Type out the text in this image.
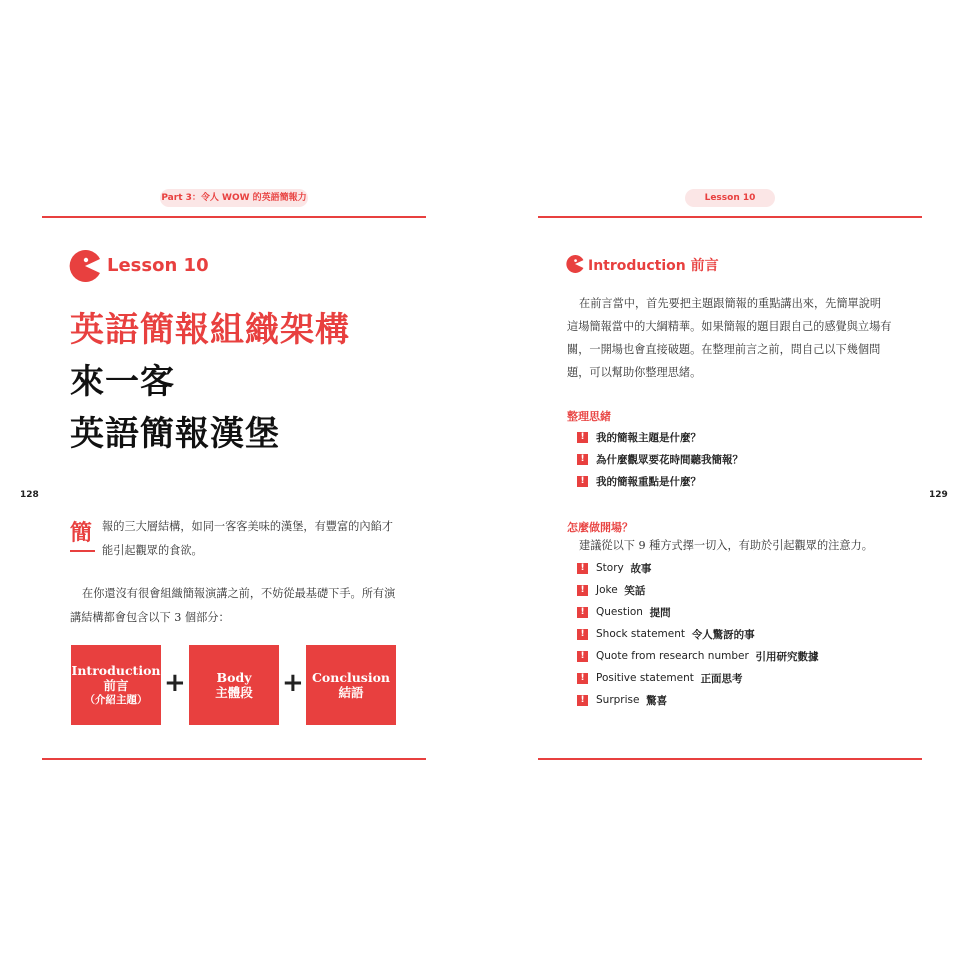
Part 3：令人 WOW 的英語簡報力
Lesson 10
英語簡報組織架構
來一客
英語簡報漢堡
128
簡 報的三大層結構，如同一客客美味的漢堡，有豐富的內餡才
能引起觀眾的食欲。
在你還沒有很會組織簡報演講之前，不妨從最基礎下手。所有演
講結構都會包含以下 3 個部分：
Introduction
前言
（介紹主題）
+ Body
主體段 + Conclusion
結語
Lesson 10
Introduction 前言
在前言當中，首先要把主題跟簡報的重點講出來，先簡單說明
這場簡報當中的大綱精華。如果簡報的題目跟自己的感覺與立場有
關，一開場也會直接破題。在整理前言之前，問自己以下幾個問
題，可以幫助你整理思緒。
整理思緒
!	我的簡報主題是什麼？
!	為什麼觀眾要花時間聽我簡報？
!	我的簡報重點是什麼？
129
怎麼做開場？
建議從以下 9 種方式擇一切入，有助於引起觀眾的注意力。
!	Story
故事
!	Joke
笑話
!	Question
提問
!	Shock statement
令人驚訝的事
!	Quote from research number
引用研究數據
!	Positive statement
正面思考
!	Surprise
驚喜
